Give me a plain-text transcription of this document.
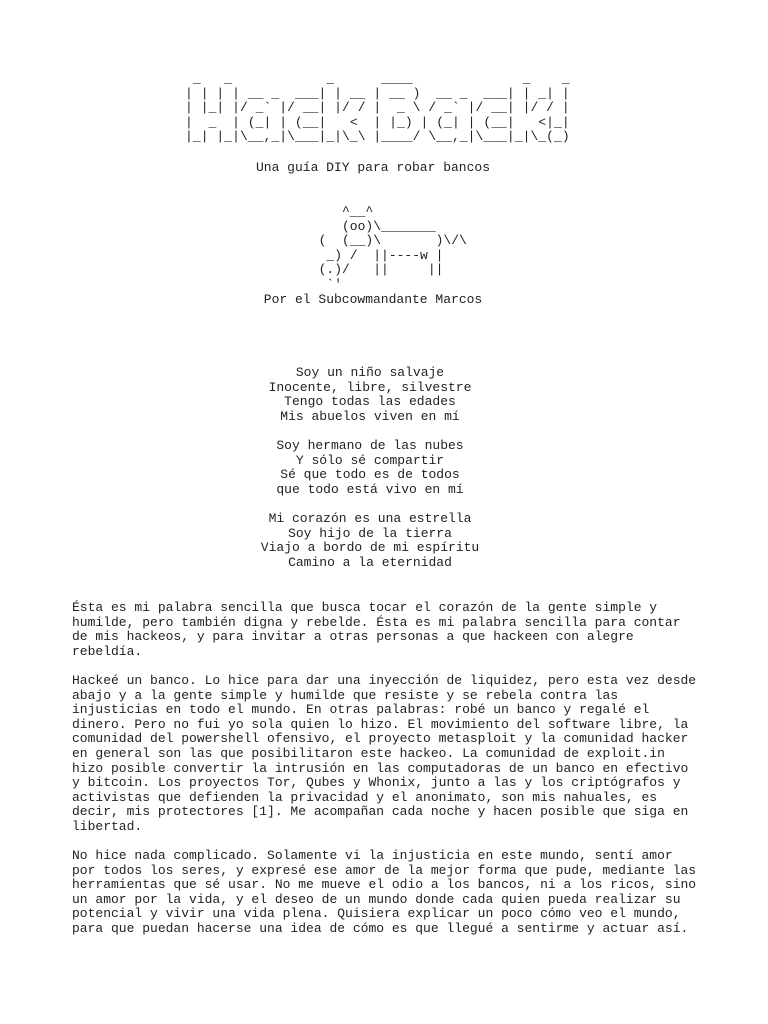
_   _            _      ____              _    _
| | | | __ _  ___| | __ | __ )  __ _  ___| | _| |
| |_| |/ _` |/ __| |/ / |  _ \ / _` |/ __| |/ / |
|  _  | (_| | (__|   <  | |_) | (_| | (__|   <|_|
|_| |_|\__,_|\___|_|\_\ |____/ \__,_|\___|_|\_(_)
Una guía DIY para robar bancos
^__^
(oo)\_______
(  (__)\       )\/\
_) /  ||----w |
(.)/   ||     ||
`'
Por el Subcowmandante Marcos
Soy un niño salvaje
Inocente, libre, silvestre
Tengo todas las edades
Mis abuelos viven en mí
Soy hermano de las nubes
Y sólo sé compartir
Sé que todo es de todos
que todo está vivo en mí
Mi corazón es una estrella
Soy hijo de la tierra
Viajo a bordo de mi espíritu
Camino a la eternidad
Ésta es mi palabra sencilla que busca tocar el corazón de la gente simple y
humilde, pero también digna y rebelde. Ésta es mi palabra sencilla para contar
de mis hackeos, y para invitar a otras personas a que hackeen con alegre
rebeldía.
Hackeé un banco. Lo hice para dar una inyección de liquidez, pero esta vez desde
abajo y a la gente simple y humilde que resiste y se rebela contra las
injusticias en todo el mundo. En otras palabras: robé un banco y regalé el
dinero. Pero no fui yo sola quien lo hizo. El movimiento del software libre, la
comunidad del powershell ofensivo, el proyecto metasploit y la comunidad hacker
en general son las que posibilitaron este hackeo. La comunidad de exploit.in
hizo posible convertir la intrusión en las computadoras de un banco en efectivo
y bitcoin. Los proyectos Tor, Qubes y Whonix, junto a las y los criptógrafos y
activistas que defienden la privacidad y el anonimato, son mis nahuales, es
decir, mis protectores [1]. Me acompañan cada noche y hacen posible que siga en
libertad.
No hice nada complicado. Solamente vi la injusticia en este mundo, sentí amor
por todos los seres, y expresé ese amor de la mejor forma que pude, mediante las
herramientas que sé usar. No me mueve el odio a los bancos, ni a los ricos, sino
un amor por la vida, y el deseo de un mundo donde cada quien pueda realizar su
potencial y vivir una vida plena. Quisiera explicar un poco cómo veo el mundo,
para que puedan hacerse una idea de cómo es que llegué a sentirme y actuar así.
